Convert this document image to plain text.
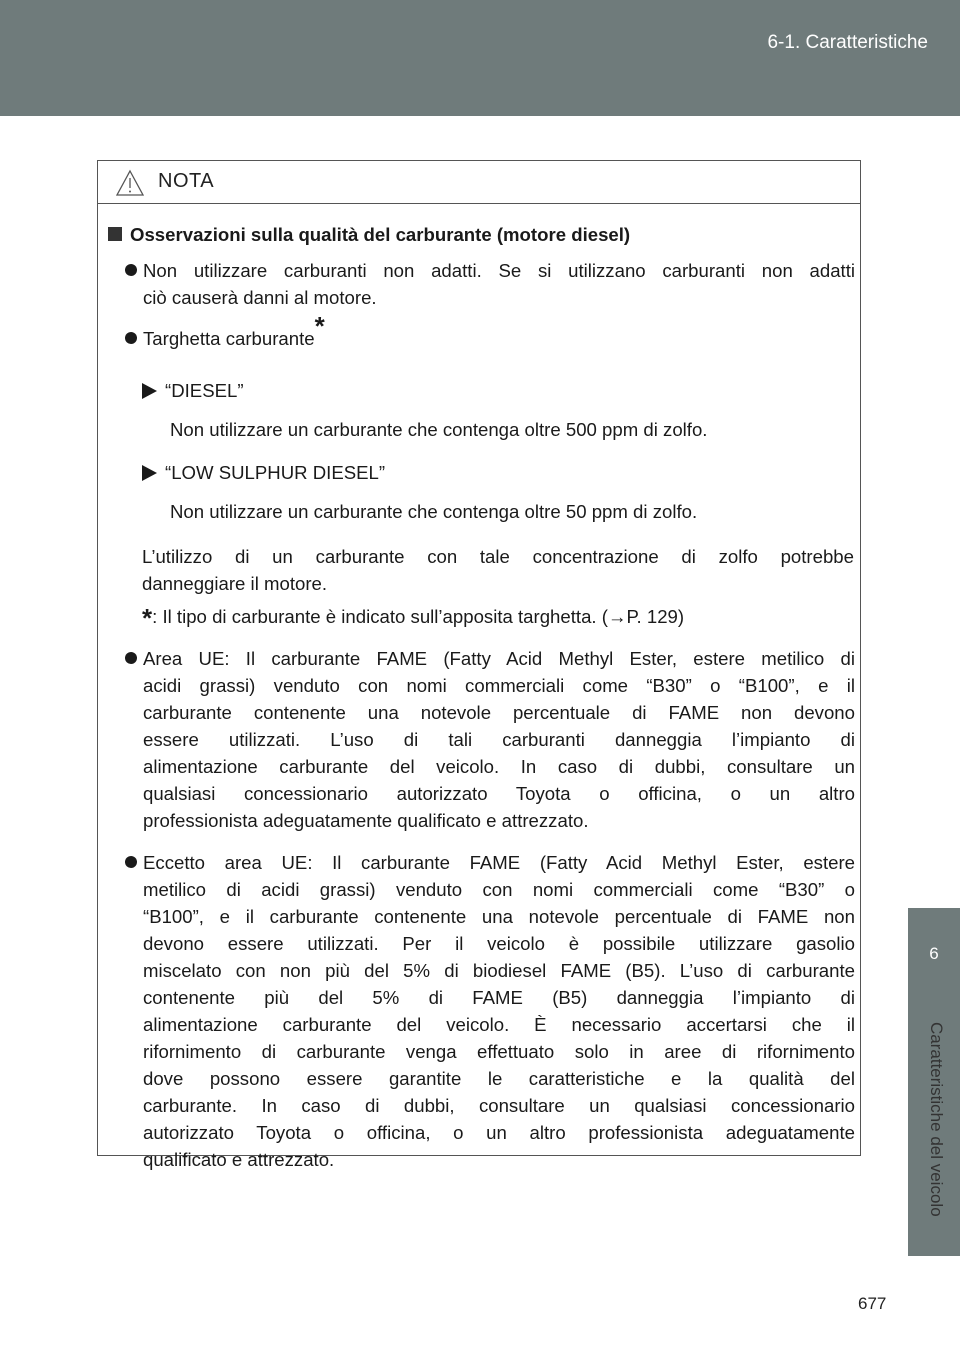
6-1. Caratteristiche
6
Caratteristiche del veicolo
677
NOTA
Osservazioni sulla qualità del carburante (motore diesel)
Non utilizzare carburanti non adatti. Se si utilizzano carburanti non adatti
ciò causerà danni al motore.
Targhetta carburante*
“DIESEL”
Non utilizzare un carburante che contenga oltre 500 ppm di zolfo.
“LOW SULPHUR DIESEL”
Non utilizzare un carburante che contenga oltre 50 ppm di zolfo.
L’utilizzo di un carburante con tale concentrazione di zolfo potrebbe
danneggiare il motore.
*: Il tipo di carburante è indicato sull’apposita targhetta. (→P. 129)
Area UE: Il carburante FAME (Fatty Acid Methyl Ester, estere metilico di
acidi grassi) venduto con nomi commerciali come “B30” o “B100”, e il
carburante contenente una notevole percentuale di FAME non devono
essere utilizzati. L’uso di tali carburanti danneggia l’impianto di
alimentazione carburante del veicolo. In caso di dubbi, consultare un
qualsiasi concessionario autorizzato Toyota o officina, o un altro
professionista adeguatamente qualificato e attrezzato.
Eccetto area UE: Il carburante FAME (Fatty Acid Methyl Ester, estere
metilico di acidi grassi) venduto con nomi commerciali come “B30” o
“B100”, e il carburante contenente una notevole percentuale di FAME non
devono essere utilizzati. Per il veicolo è possibile utilizzare gasolio
miscelato con non più del 5% di biodiesel FAME (B5). L’uso di carburante
contenente più del 5% di FAME (B5) danneggia l’impianto di
alimentazione carburante del veicolo. È necessario accertarsi che il
rifornimento di carburante venga effettuato solo in aree di rifornimento
dove possono essere garantite le caratteristiche e la qualità del
carburante. In caso di dubbi, consultare un qualsiasi concessionario
autorizzato Toyota o officina, o un altro professionista adeguatamente
qualificato e attrezzato.
